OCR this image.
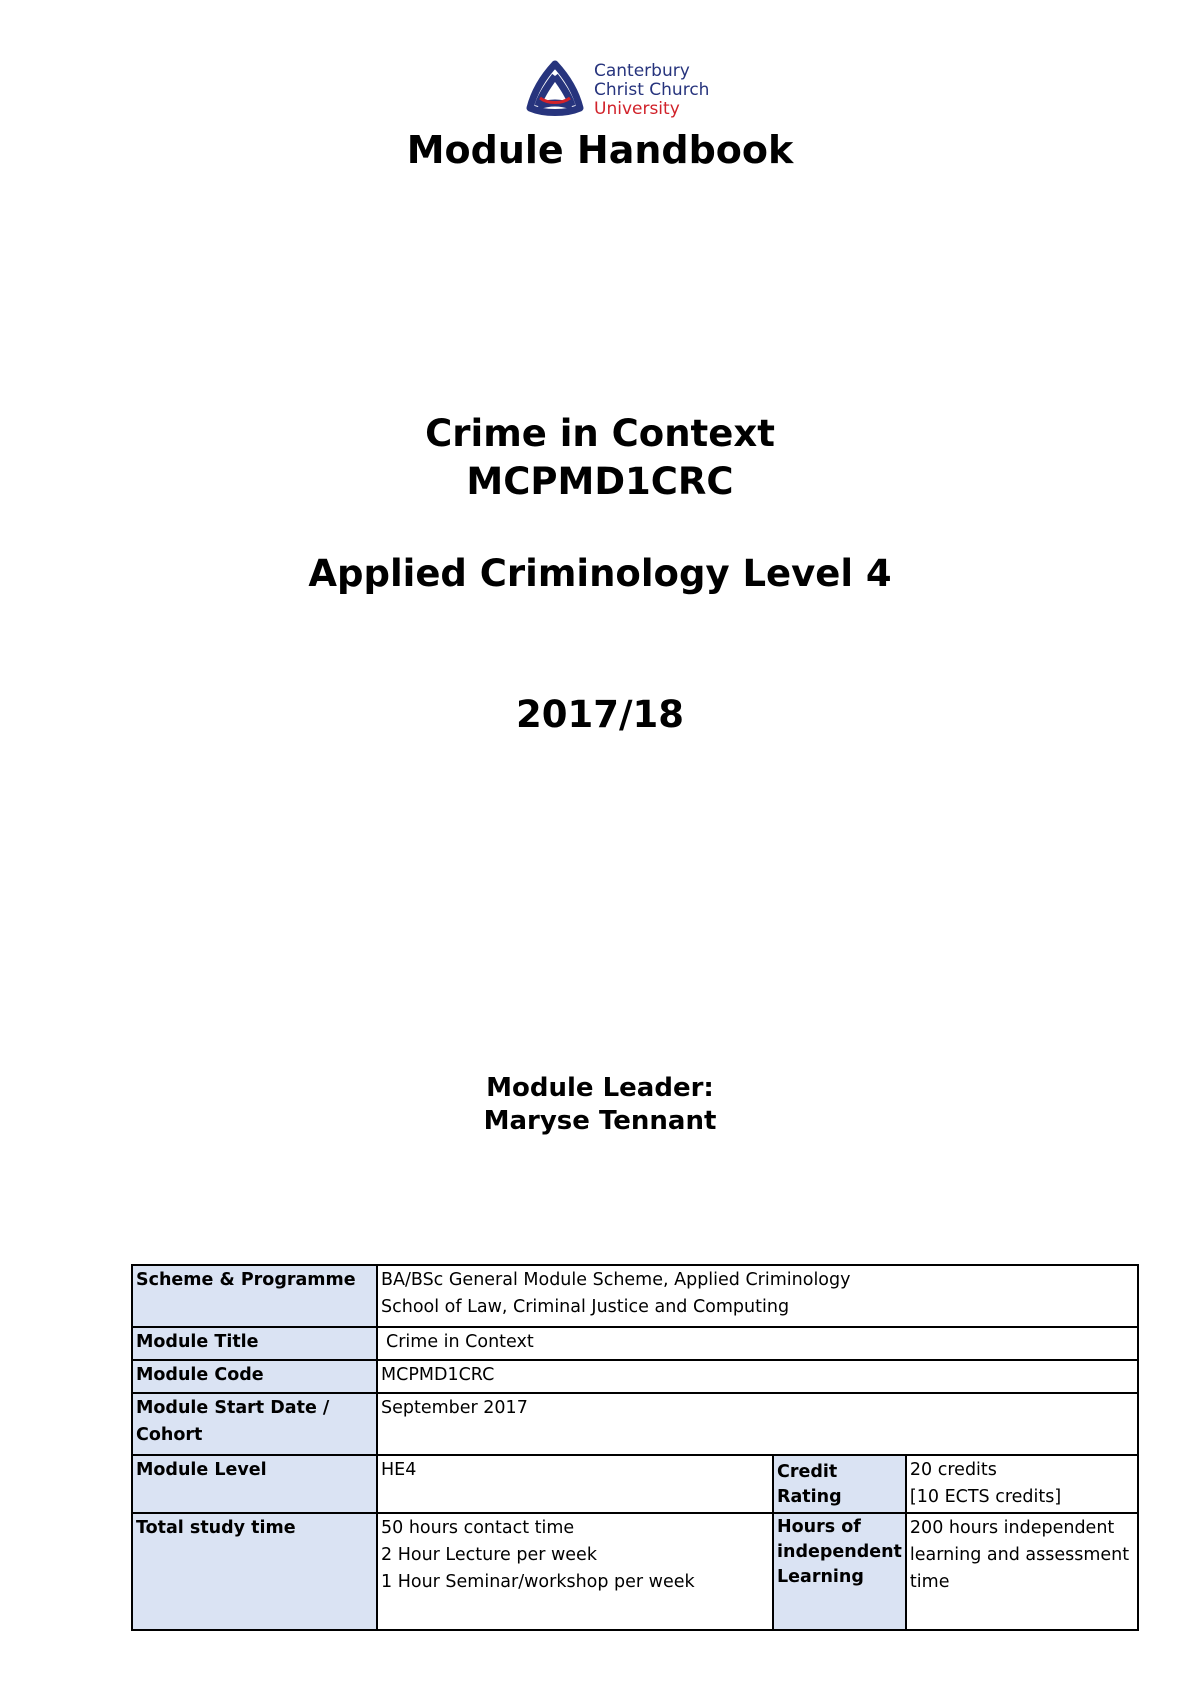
Canterbury
Christ Church
University
Module Handbook
Crime in Context
MCPMD1CRC
Applied Criminology Level 4
2017/18
Module Leader:
Maryse Tennant
Scheme & Programme	BA/BSc General Module Scheme, Applied Criminology
School of Law, Criminal Justice and Computing		

Module Title	Crime in Context		
Module Code	MCPMD1CRC		
Module Start Date / Cohort	September 2017		
Module Level	HE4	Credit Rating	20 credits
[10 ECTS credits]

Total study time	50 hours contact time
2 Hour Lecture per week
1 Hour Seminar/workshop per week	Hours of independent Learning	200 hours independent learning and assessment time
